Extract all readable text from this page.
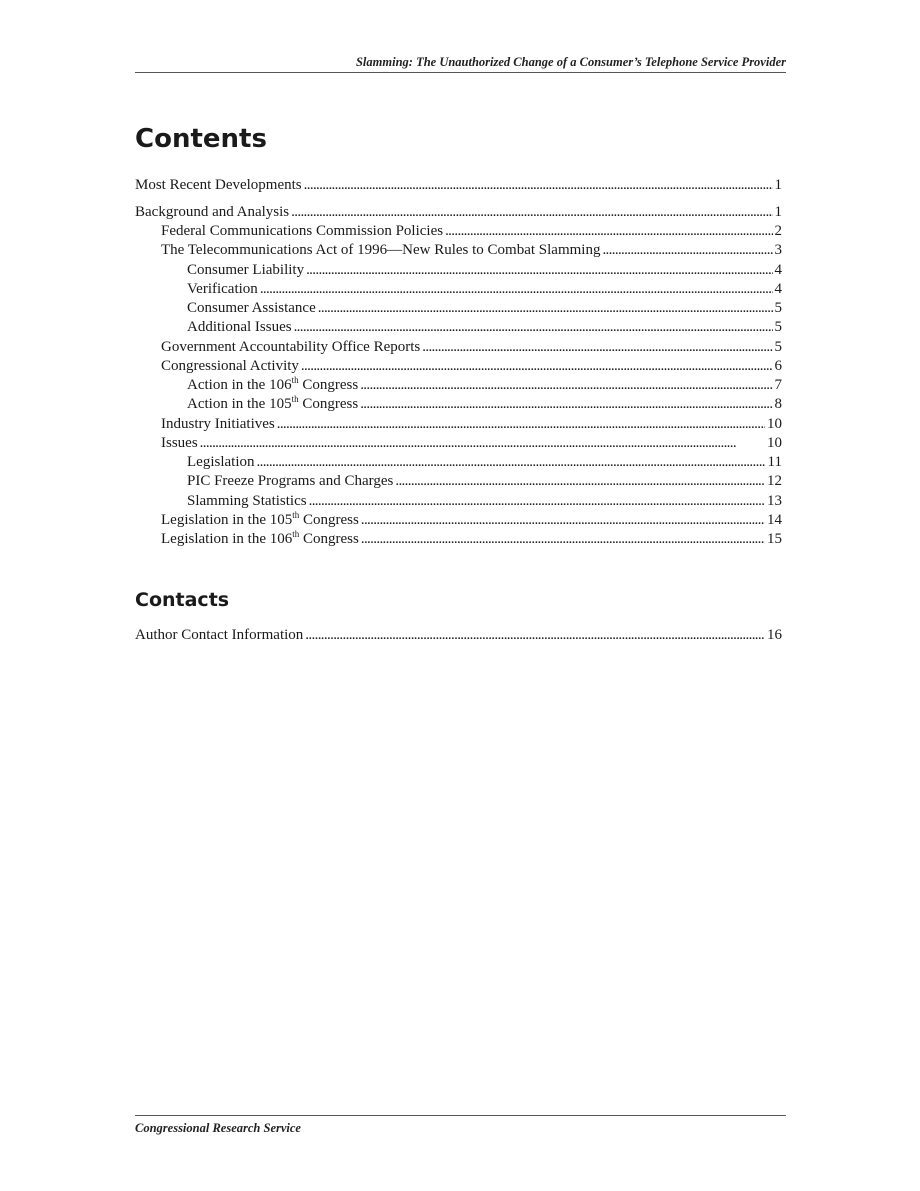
Slamming: The Unauthorized Change of a Consumer’s Telephone Service Provider
Contents
Most Recent Developments . . .	1
Background and Analysis . . .	1
Federal Communications Commission Policies . . .	2
The Telecommunications Act of 1996—New Rules to Combat Slamming . . .	3
Consumer Liability . . .	4
Verification . . .	4
Consumer Assistance . . .	5
Additional Issues . . .	5
Government Accountability Office Reports . . .	5
Congressional Activity . . .	6
Action in the 106th Congress . . .	7
Action in the 105th Congress . . .	8
Industry Initiatives . . .	10
Issues . . .	10
Legislation . . .	11
PIC Freeze Programs and Charges . . .	12
Slamming Statistics . . .	13
Legislation in the 105th Congress . . .	14
Legislation in the 106th Congress . . .	15
Contacts
Author Contact Information . . .	16
Congressional Research Service
